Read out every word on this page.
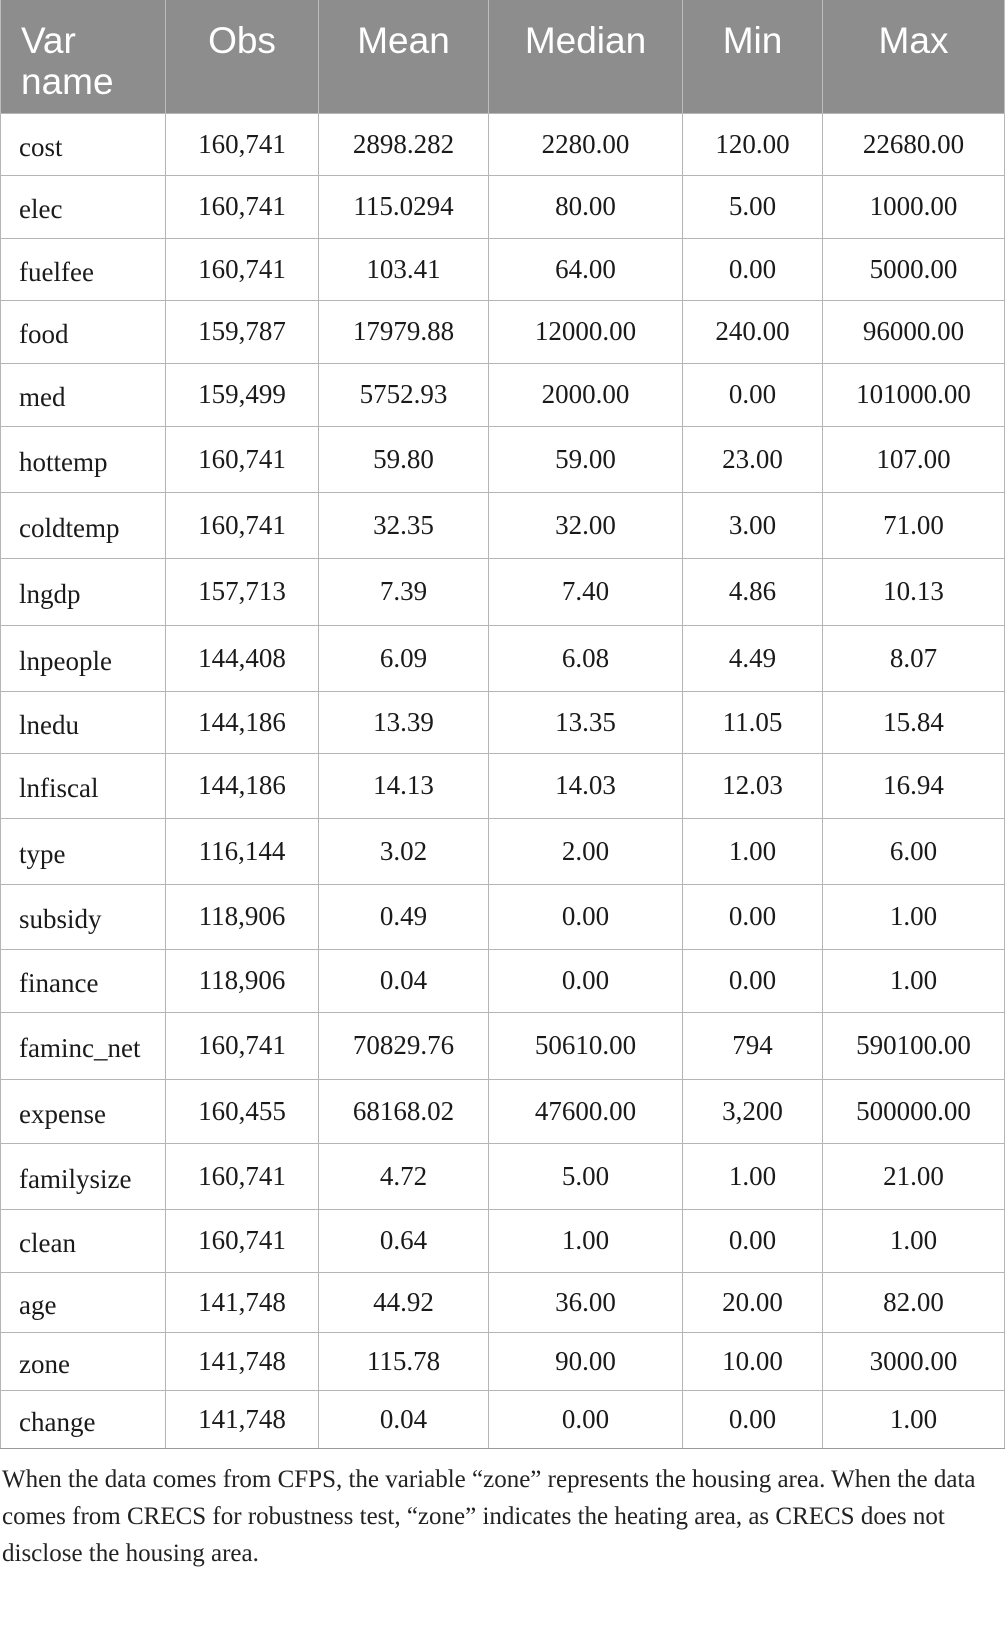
Var
name	Obs	Mean	Median	Min	Max
cost	160,741	2898.282	2280.00	120.00	22680.00
elec	160,741	115.0294	80.00	5.00	1000.00
fuelfee	160,741	103.41	64.00	0.00	5000.00
food	159,787	17979.88	12000.00	240.00	96000.00
med	159,499	5752.93	2000.00	0.00	101000.00
hottemp	160,741	59.80	59.00	23.00	107.00
coldtemp	160,741	32.35	32.00	3.00	71.00
lngdp	157,713	7.39	7.40	4.86	10.13
lnpeople	144,408	6.09	6.08	4.49	8.07
lnedu	144,186	13.39	13.35	11.05	15.84
lnfiscal	144,186	14.13	14.03	12.03	16.94
type	116,144	3.02	2.00	1.00	6.00
subsidy	118,906	0.49	0.00	0.00	1.00
finance	118,906	0.04	0.00	0.00	1.00
faminc_net	160,741	70829.76	50610.00	794	590100.00
expense	160,455	68168.02	47600.00	3,200	500000.00
familysize	160,741	4.72	5.00	1.00	21.00
clean	160,741	0.64	1.00	0.00	1.00
age	141,748	44.92	36.00	20.00	82.00
zone	141,748	115.78	90.00	10.00	3000.00
change	141,748	0.04	0.00	0.00	1.00
When the data comes from CFPS, the variable “zone” represents the housing area. When the data comes from CRECS for robustness test, “zone” indicates the heating area, as CRECS does not disclose the housing area.
